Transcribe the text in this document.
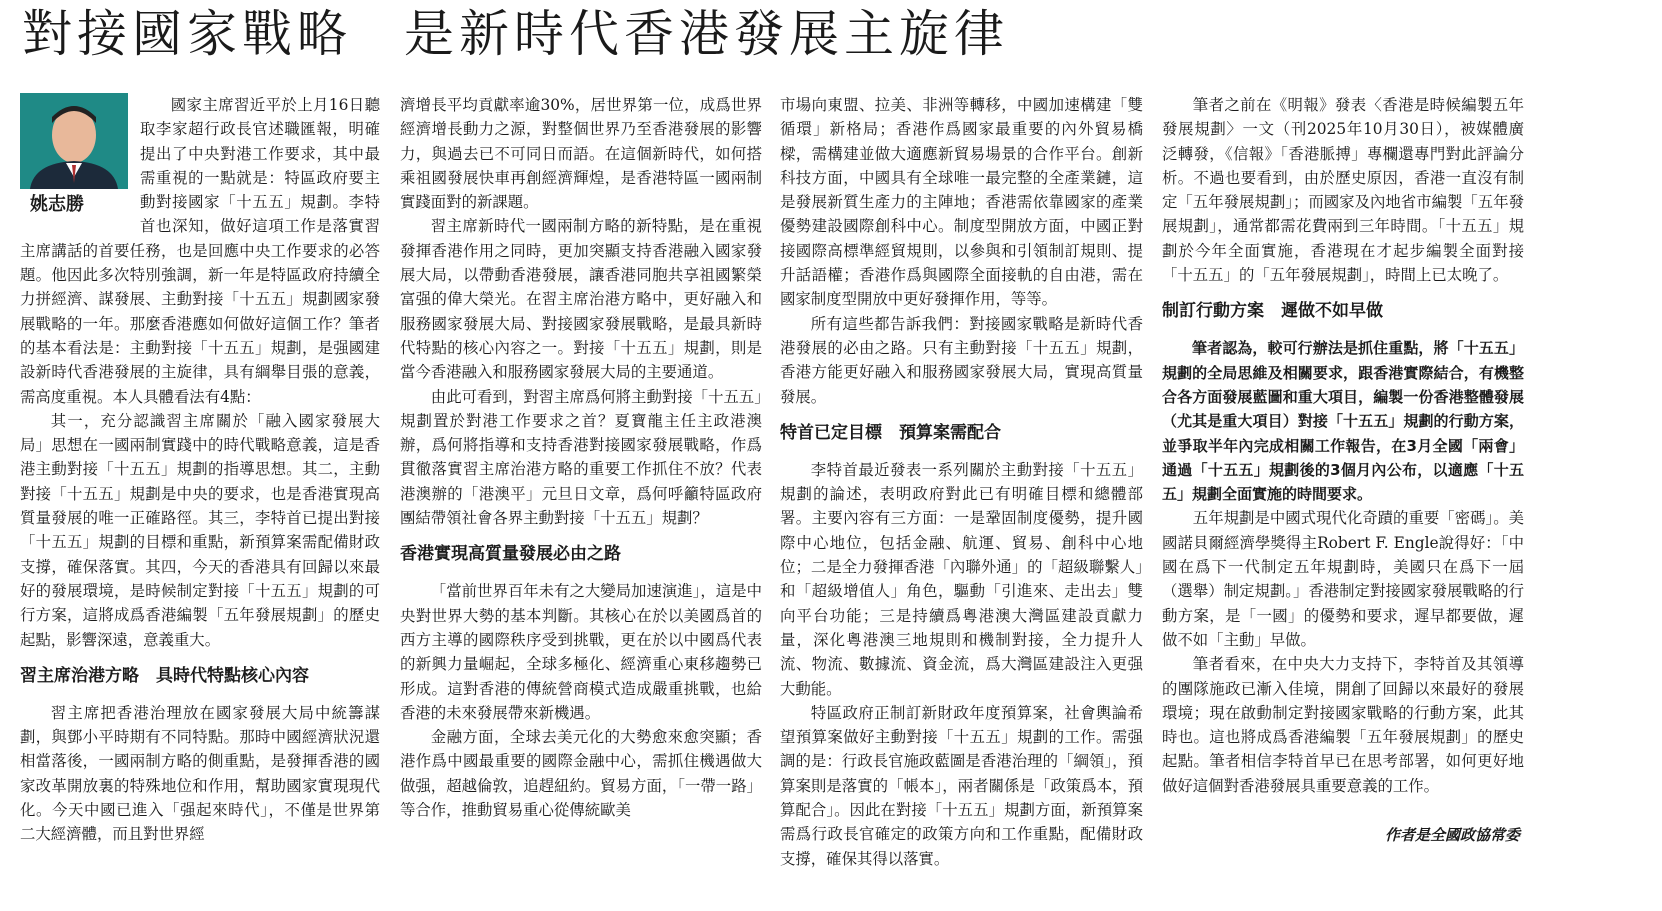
對接國家戰略 是新時代香港發展主旋律
姚志勝

國家主席習近平於上月16日聽取李家超行政長官述職匯報，明確提出了中央對港工作要求，其中最需重視的一點就是：特區政府要主動對接國家「十五五」規劃。李特首也深知，做好這項工作是落實習主席講話的首要任務，也是回應中央工作要求的必答題。他因此多次特別強調，新一年是特區政府持續全力拼經濟、謀發展、主動對接「十五五」規劃國家發展戰略的一年。那麼香港應如何做好這個工作？筆者的基本看法是：主動對接「十五五」規劃，是强國建設新時代香港發展的主旋律，具有綱舉目張的意義，需高度重視。本人具體看法有4點：

其一，充分認識習主席關於「融入國家發展大局」思想在一國兩制實踐中的時代戰略意義，這是香港主動對接「十五五」規劃的指導思想。其二，主動對接「十五五」規劃是中央的要求，也是香港實現高質量發展的唯一正確路徑。其三，李特首已提出對接「十五五」規劃的目標和重點，新預算案需配備財政支撐，確保落實。其四，今天的香港具有回歸以來最好的發展環境，是時候制定對接「十五五」規劃的可行方案，這將成爲香港編製「五年發展規劃」的歷史起點，影響深遠，意義重大。

習主席治港方略　具時代特點核心內容

習主席把香港治理放在國家發展大局中統籌謀劃，與鄧小平時期有不同特點。那時中國經濟狀況還相當落後，一國兩制方略的側重點，是發揮香港的國家改革開放裏的特殊地位和作用，幫助國家實現現代化。今天中國已進入「强起來時代」，不僅是世界第二大經濟體，而且對世界經

濟增長平均貢獻率逾30%，居世界第一位，成爲世界經濟增長動力之源，對整個世界乃至香港發展的影響力，與過去已不可同日而語。在這個新時代，如何搭乘祖國發展快車再創經濟輝煌，是香港特區一國兩制實踐面對的新課題。

習主席新時代一國兩制方略的新特點，是在重視發揮香港作用之同時，更加突顯支持香港融入國家發展大局，以帶動香港發展，讓香港同胞共享祖國繁榮富强的偉大榮光。在習主席治港方略中，更好融入和服務國家發展大局、對接國家發展戰略，是最具新時代特點的核心內容之一。對接「十五五」規劃，則是當今香港融入和服務國家發展大局的主要通道。

由此可看到，對習主席爲何將主動對接「十五五」規劃置於對港工作要求之首？夏寶龍主任主政港澳辦，爲何將指導和支持香港對接國家發展戰略，作爲貫徹落實習主席治港方略的重要工作抓住不放？代表港澳辦的「港澳平」元旦日文章，爲何呼籲特區政府團結帶領社會各界主動對接「十五五」規劃？

香港實現高質量發展必由之路

「當前世界百年未有之大變局加速演進」，這是中央對世界大勢的基本判斷。其核心在於以美國爲首的西方主導的國際秩序受到挑戰，更在於以中國爲代表的新興力量崛起，全球多極化、經濟重心東移趨勢已形成。這對香港的傳統營商模式造成嚴重挑戰，也給香港的未來發展帶來新機遇。

金融方面，全球去美元化的大勢愈來愈突顯；香港作爲中國最重要的國際金融中心，需抓住機遇做大做强，超越倫敦，追趕紐約。貿易方面，「一帶一路」等合作，推動貿易重心從傳統歐美

市場向東盟、拉美、非洲等轉移，中國加速構建「雙循環」新格局；香港作爲國家最重要的內外貿易橋樑，需構建並做大適應新貿易場景的合作平台。創新科技方面，中國具有全球唯一最完整的全產業鏈，這是發展新質生產力的主陣地；香港需依靠國家的產業優勢建設國際創科中心。制度型開放方面，中國正對接國際高標準經貿規則，以參與和引領制訂規則、提升話語權；香港作爲與國際全面接軌的自由港，需在國家制度型開放中更好發揮作用，等等。

所有這些都告訴我們：對接國家戰略是新時代香港發展的必由之路。只有主動對接「十五五」規劃，香港方能更好融入和服務國家發展大局，實現高質量發展。

特首已定目標　預算案需配合

李特首最近發表一系列關於主動對接「十五五」規劃的論述，表明政府對此已有明確目標和總體部署。主要內容有三方面：一是鞏固制度優勢，提升國際中心地位，包括金融、航運、貿易、創科中心地位；二是全力發揮香港「內聯外通」的「超級聯繫人」和「超級增值人」角色，驅動「引進來、走出去」雙向平台功能；三是持續爲粵港澳大灣區建設貢獻力量，深化粵港澳三地規則和機制對接，全力提升人流、物流、數據流、資金流，爲大灣區建設注入更强大動能。

特區政府正制訂新財政年度預算案，社會輿論希望預算案做好主動對接「十五五」規劃的工作。需强調的是：行政長官施政藍圖是香港治理的「綱領」，預算案則是落實的「帳本」，兩者關係是「政策爲本，預算配合」。因此在對接「十五五」規劃方面，新預算案需爲行政長官確定的政策方向和工作重點，配備財政支撐，確保其得以落實。

筆者之前在《明報》發表〈香港是時候編製五年發展規劃〉一文（刊2025年10月30日），被媒體廣泛轉發，《信報》「香港脈搏」專欄還專門對此評論分析。不過也要看到，由於歷史原因，香港一直沒有制定「五年發展規劃」；而國家及內地省市編製「五年發展規劃」，通常都需花費兩到三年時間。「十五五」規劃於今年全面實施，香港現在才起步編製全面對接「十五五」的「五年發展規劃」，時間上已太晚了。

制訂行動方案　遲做不如早做

筆者認為，較可行辦法是抓住重點，將「十五五」規劃的全局思維及相關要求，跟香港實際結合，有機整合各方面發展藍圖和重大項目，編製一份香港整體發展（尤其是重大項目）對接「十五五」規劃的行動方案，並爭取半年內完成相關工作報告，在3月全國「兩會」通過「十五五」規劃後的3個月內公布，以適應「十五五」規劃全面實施的時間要求。

五年規劃是中國式現代化奇蹟的重要「密碼」。美國諾貝爾經濟學獎得主Robert F. Engle說得好：「中國在爲下一代制定五年規劃時，美國只在爲下一屆（選舉）制定規劃。」香港制定對接國家發展戰略的行動方案，是「一國」的優勢和要求，遲早都要做，遲做不如「主動」早做。

筆者看來，在中央大力支持下，李特首及其領導的團隊施政已漸入佳境，開創了回歸以來最好的發展環境；現在啟動制定對接國家戰略的行動方案，此其時也。這也將成爲香港編製「五年發展規劃」的歷史起點。筆者相信李特首早已在思考部署，如何更好地做好這個對香港發展具重要意義的工作。

作者是全國政協常委
